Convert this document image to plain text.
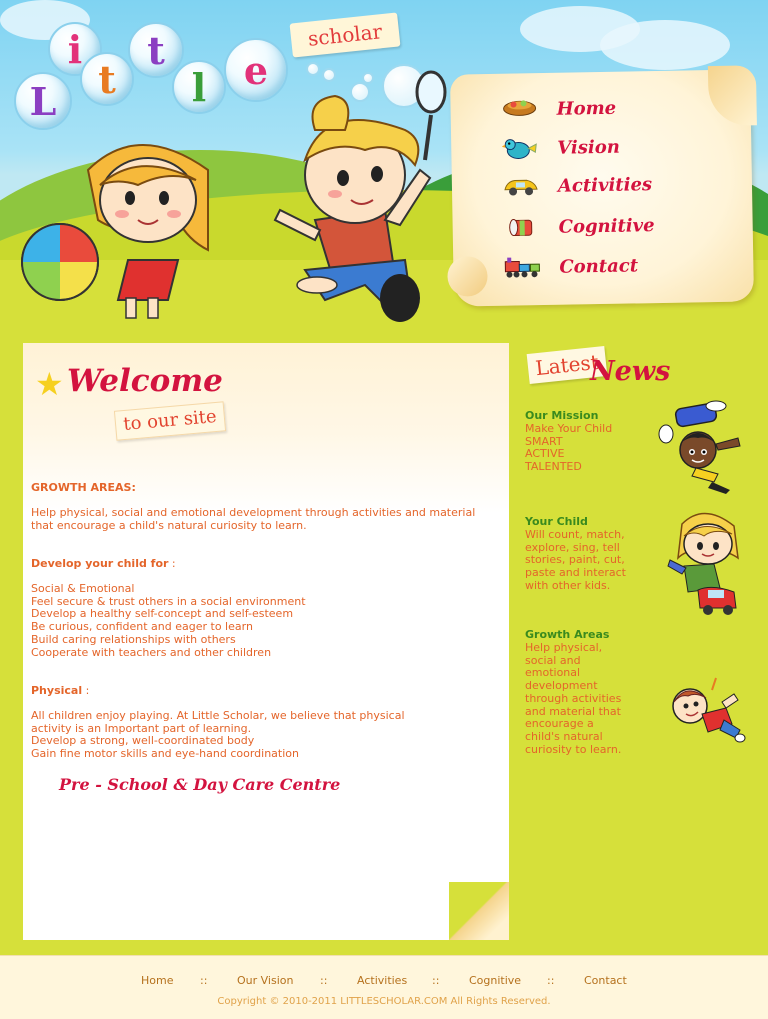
L
i
t
t
l e
scholar
Home
Vision
Activities
Cognitive
Contact
★ Welcome
to our site
GROWTH AREAS:
Help physical, social and emotional development through activities and material that encourage a child's natural curiosity to learn.
Develop your child for :
Social & Emotional
Feel secure & trust others in a social environment
Develop a healthy self-concept and self-esteem
Be curious, confident and eager to learn
Build caring relationships with others
Cooperate with teachers and other children
Physical :
All children enjoy playing. At Little Scholar, we believe that physical
activity is an Important part of learning.
Develop a strong, well-coordinated body
Gain fine motor skills and eye-hand coordination
Pre - School & Day Care Centre
Latest
News
Our Mission
Make Your Child
SMART
ACTIVE
TALENTED
Your Child
Will count, match,
explore, sing, tell
stories, paint, cut,
paste and interact
with other kids.
Growth Areas
Help physical,
social and
emotional
development
through activities
and material that
encourage a
child's natural
curiosity to learn.
Home ::	Our Vision ::	Activities ::	Cognitive ::	Contact
Copyright © 2010-2011 LITTLESCHOLAR.COM All Rights Reserved.
